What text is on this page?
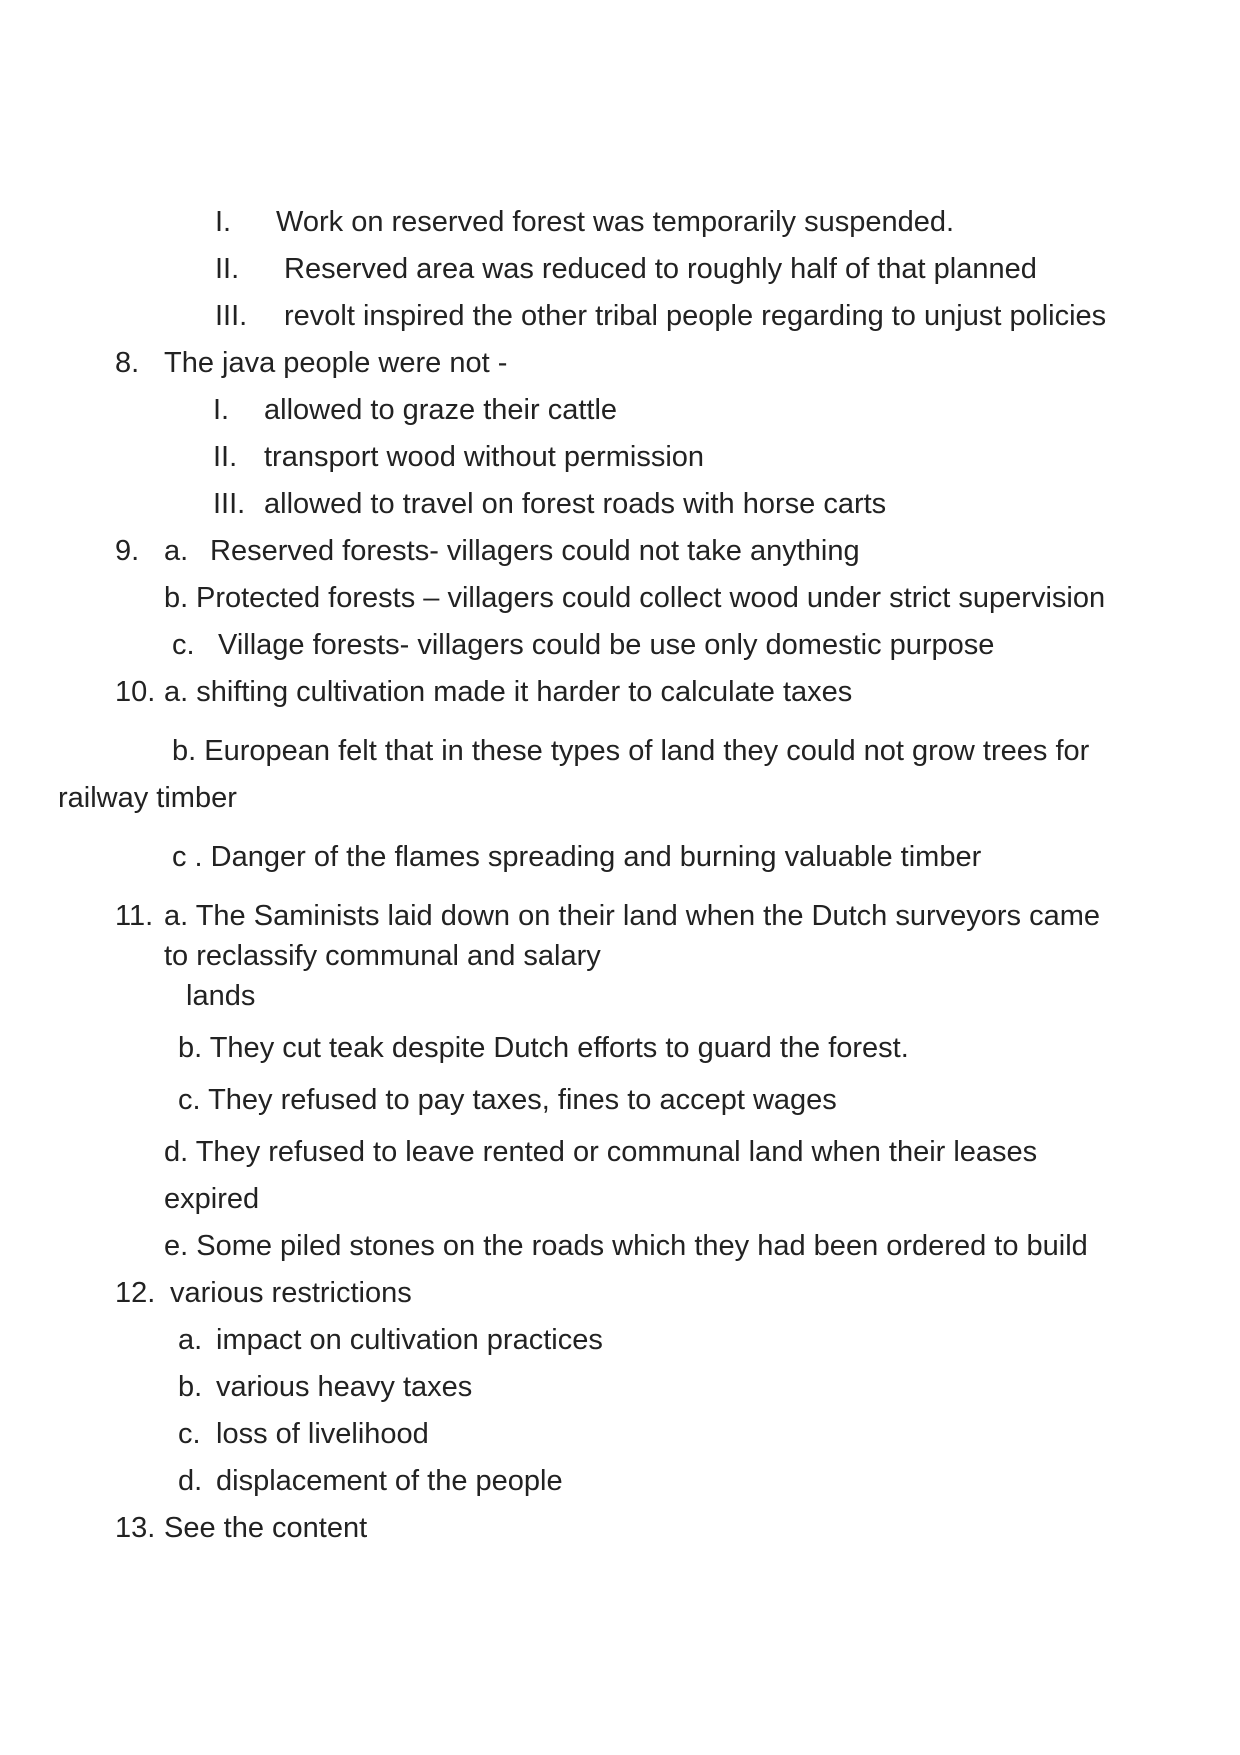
I. Work on reserved forest was temporarily suspended.
II. Reserved area was reduced to roughly half of that planned
III. revolt inspired the other tribal people regarding to unjust policies
8. The java people were not -
I. allowed to graze their cattle
II. transport wood without permission
III. allowed to travel on forest roads with horse carts
9. a. Reserved forests- villagers could not take anything
b. Protected forests – villagers could collect wood under strict supervision
c. Village forests- villagers could be use only domestic purpose
10. a. shifting cultivation made it harder to calculate taxes
b. European felt that in these types of land they could not grow trees for
railway timber
c . Danger of the flames spreading and burning valuable timber
11. a. The Saminists laid down on their land when the Dutch surveyors came
to reclassify communal and salary
lands
b. They cut teak despite Dutch efforts to guard the forest.
c. They refused to pay taxes, fines to accept wages
d. They refused to leave rented or communal land when their leases
expired
e. Some piled stones on the roads which they had been ordered to build
12. various restrictions
a. impact on cultivation practices
b. various heavy taxes
c. loss of livelihood
d. displacement of the people
13. See the content
